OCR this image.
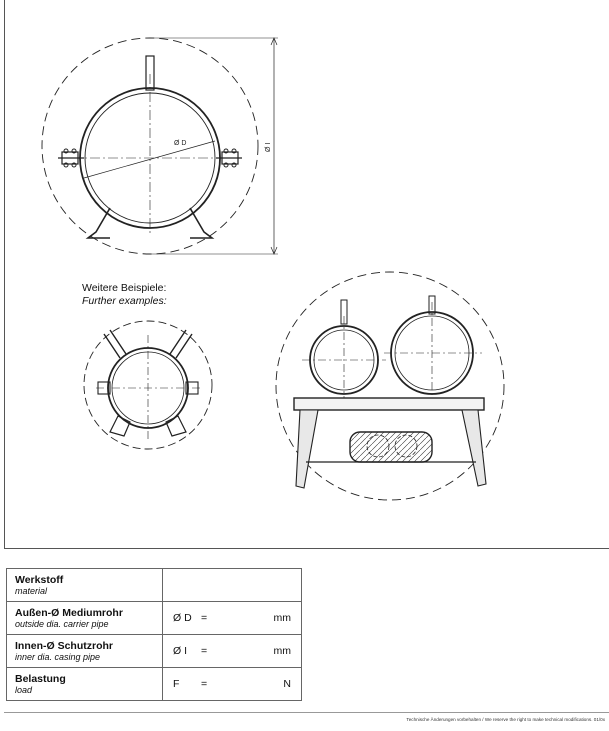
Ø D	Ø I
Weitere Beispiele:
Further examples:
Werkstoff
material	

Außen-Ø Mediumrohr
outside dia. carrier pipe	Ø D = mm

Innen-Ø Schutzrohr
inner dia. casing pipe	Ø I = mm

Belastung
load	F = N
Technische Änderungen vorbehalten / We reserve the right to make technical modifications. 01/0x
